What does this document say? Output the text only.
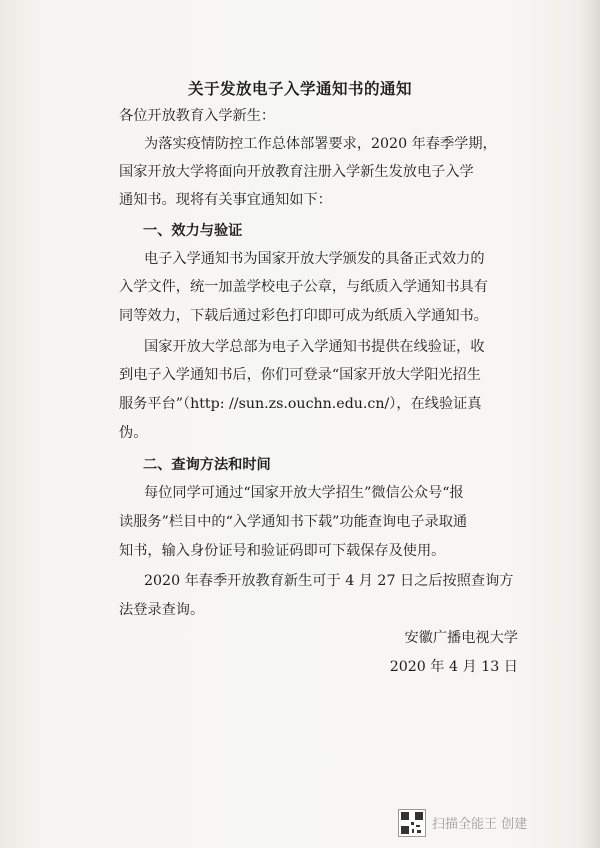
关于发放电子入学通知书的通知
各位开放教育入学新生：
为落实疫情防控工作总体部署要求，2020 年春季学期，
国家开放大学将面向开放教育注册入学新生发放电子入学
通知书。现将有关事宜通知如下：
一、效力与验证
电子入学通知书为国家开放大学颁发的具备正式效力的
入学文件，统一加盖学校电子公章，与纸质入学通知书具有
同等效力，下载后通过彩色打印即可成为纸质入学通知书。
国家开放大学总部为电子入学通知书提供在线验证，收
到电子入学通知书后，你们可登录“国家开放大学阳光招生
服务平台”（http: //sun.zs.ouchn.edu.cn/），在线验证真
伪。
二、查询方法和时间
每位同学可通过“国家开放大学招生”微信公众号“报
读服务”栏目中的“入学通知书下载”功能查询电子录取通
知书，输入身份证号和验证码即可下载保存及使用。
2020 年春季开放教育新生可于 4 月 27 日之后按照查询方
法登录查询。
安徽广播电视大学
2020 年 4 月 13 日
扫描全能王 创建
